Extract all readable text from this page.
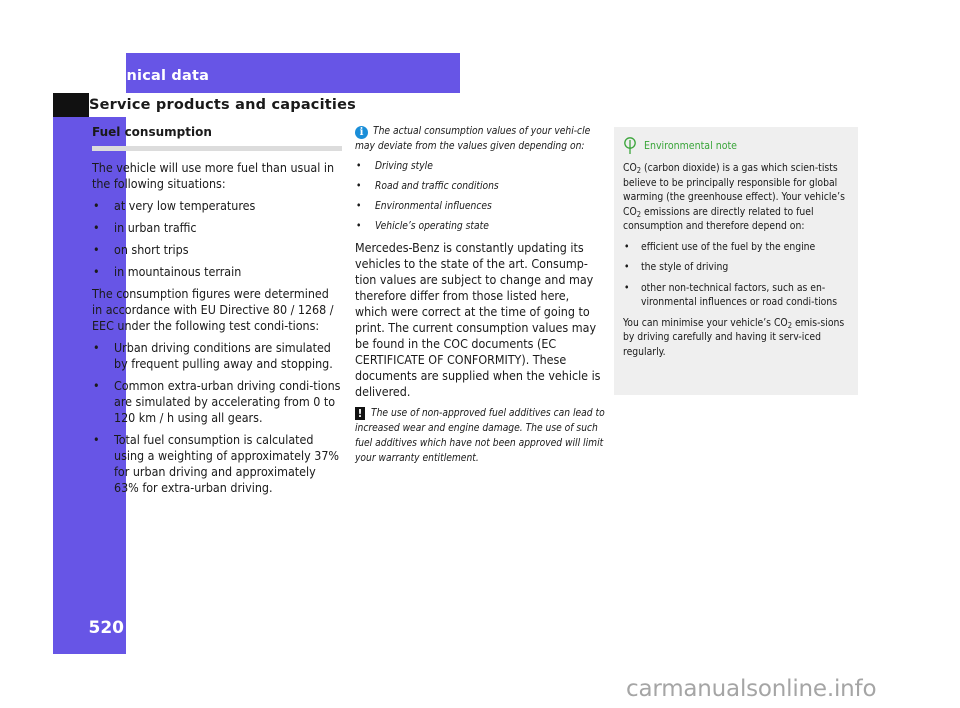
Technical data
Service products and capacities
520
Fuel consumption

The vehicle will use more fuel than usual in the following situations:

• at very low temperatures
• in urban traffic
• on short trips
• in mountainous terrain

The consumption figures were determined in accordance with EU Directive 80 / 1268 / EEC under the following test condi-tions:

• Urban driving conditions are simulated by frequent pulling away and stopping.
• Common extra-urban driving condi-tions are simulated by accelerating from 0 to 120 km / h using all gears.
• Total fuel consumption is calculated using a weighting of approximately 37% for urban driving and approximately 63% for extra-urban driving.

i The actual consumption values of your vehi-cle may deviate from the values given depending on:

• Driving style
• Road and traffic conditions
• Environmental influences
• Vehicle’s operating state

Mercedes-Benz is constantly updating its vehicles to the state of the art. Consump-tion values are subject to change and may therefore differ from those listed here, which were correct at the time of going to print. The current consumption values may be found in the COC documents (EC CERTIFICATE OF CONFORMITY). These documents are supplied when the vehicle is delivered.

! The use of non-approved fuel additives can lead to increased wear and engine damage. The use of such fuel additives which have not been approved will limit your warranty entitlement.
Environmental note

$CO_2$ (carbon dioxide) is a gas which scien-tists believe to be principally responsible for global warming (the greenhouse effect). Your vehicle’s $CO_2$ emissions are directly related to fuel consumption and therefore depend on:

• efficient use of the fuel by the engine
• the style of driving
• other non-technical factors, such as en-vironmental influences or road condi-tions

You can minimise your vehicle’s $CO_2$ emis-sions by driving carefully and having it serv-iced regularly.

carmanualsonline.info
